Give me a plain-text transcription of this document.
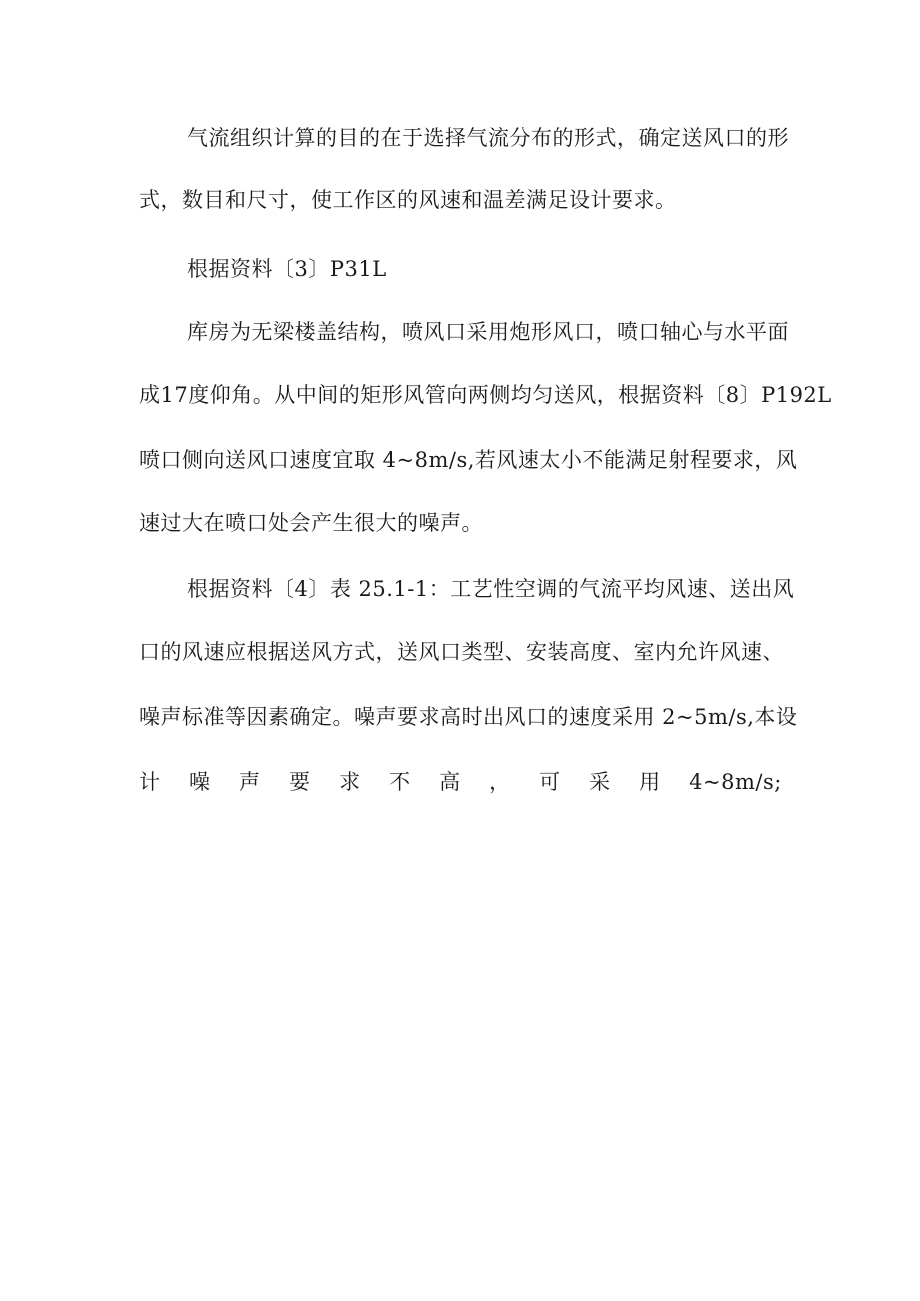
气流组织计算的目的在于选择气流分布的形式，确定送风口的形
式，数目和尺寸，使工作区的风速和温差满足设计要求。
根据资料〔3〕P31L
库房为无梁楼盖结构，喷风口采用炮形风口，喷口轴心与水平面
成17度仰角。从中间的矩形风管向两侧均匀送风，根据资料〔8〕P192L
喷口侧向送风口速度宜取 4~8m∕s,若风速太小不能满足射程要求，风
速过大在喷口处会产生很大的噪声。
根据资料〔4〕表 25.1-1：工艺性空调的气流平均风速、送出风
口的风速应根据送风方式，送风口类型、安装高度、室内允许风速、
噪声标准等因素确定。噪声要求高时出风口的速度采用 2~5m∕s,本设
计 噪 声 要 求 不 高 ， 可 采 用 4~8m∕s;
